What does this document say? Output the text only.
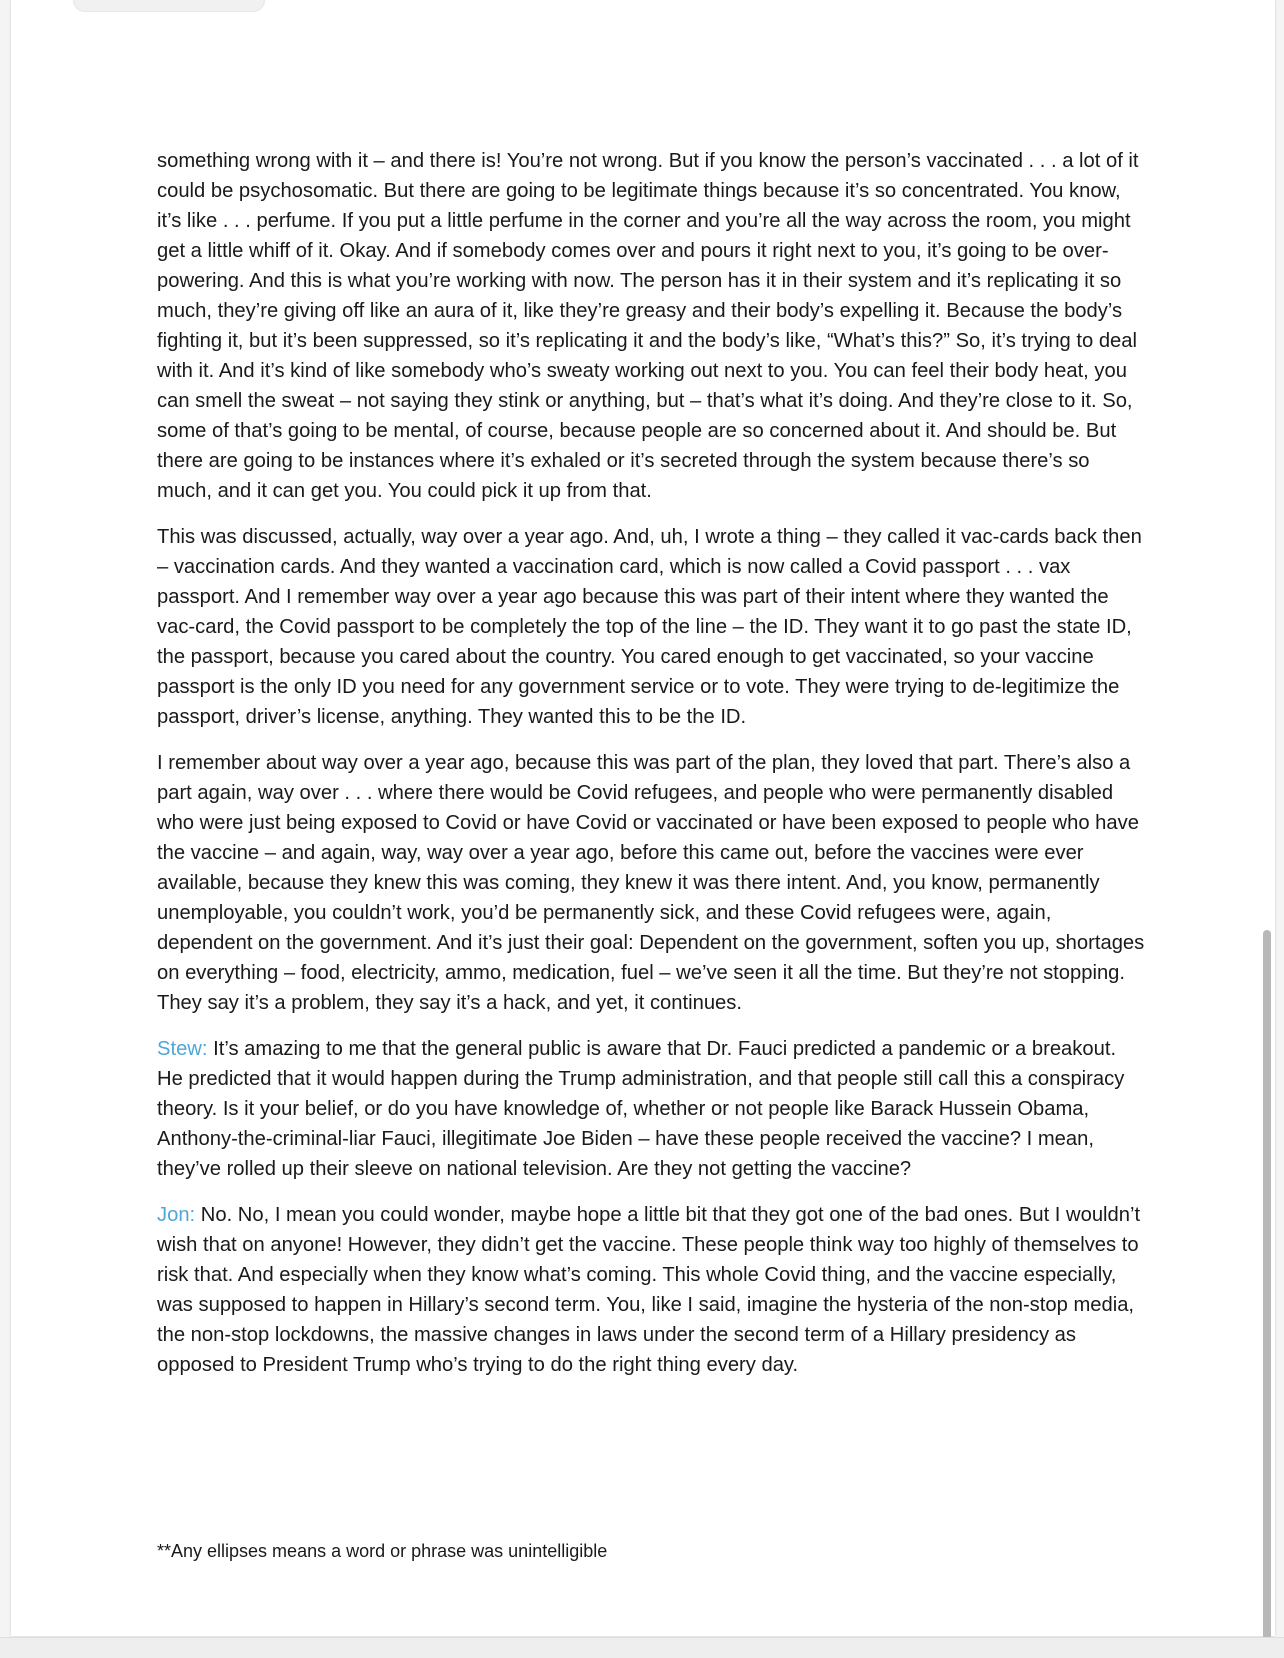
something wrong with it – and there is! You’re not wrong. But if you know the person’s vaccinated . . . a lot of it could be psychosomatic. But there are going to be legitimate things because it’s so concentrated. You know, it’s like . . . perfume. If you put a little perfume in the corner and you’re all the way across the room, you might get a little whiff of it. Okay. And if somebody comes over and pours it right next to you, it’s going to be over-powering. And this is what you’re working with now. The person has it in their system and it’s replicating it so much, they’re giving off like an aura of it, like they’re greasy and their body’s expelling it. Because the body’s fighting it, but it’s been suppressed, so it’s replicating it and the body’s like, “What’s this?” So, it’s trying to deal with it. And it’s kind of like somebody who’s sweaty working out next to you. You can feel their body heat, you can smell the sweat – not saying they stink or anything, but – that’s what it’s doing. And they’re close to it. So, some of that’s going to be mental, of course, because people are so concerned about it. And should be. But there are going to be instances where it’s exhaled or it’s secreted through the system because there’s so much, and it can get you. You could pick it up from that.

This was discussed, actually, way over a year ago. And, uh, I wrote a thing – they called it vac-cards back then – vaccination cards. And they wanted a vaccination card, which is now called a Covid passport . . . vax passport. And I remember way over a year ago because this was part of their intent where they wanted the vac-card, the Covid passport to be completely the top of the line – the ID. They want it to go past the state ID, the passport, because you cared about the country. You cared enough to get vaccinated, so your vaccine passport is the only ID you need for any government service or to vote. They were trying to de-legitimize the passport, driver’s license, anything. They wanted this to be the ID.

I remember about way over a year ago, because this was part of the plan, they loved that part. There’s also a part again, way over . . . where there would be Covid refugees, and people who were permanently disabled who were just being exposed to Covid or have Covid or vaccinated or have been exposed to people who have the vaccine – and again, way, way over a year ago, before this came out, before the vaccines were ever available, because they knew this was coming, they knew it was there intent. And, you know, permanently unemployable, you couldn’t work, you’d be permanently sick, and these Covid refugees were, again, dependent on the government. And it’s just their goal: Dependent on the government, soften you up, shortages on everything – food, electricity, ammo, medication, fuel – we’ve seen it all the time. But they’re not stopping. They say it’s a problem, they say it’s a hack, and yet, it continues.

Stew: It’s amazing to me that the general public is aware that Dr. Fauci predicted a pandemic or a breakout. He predicted that it would happen during the Trump administration, and that people still call this a conspiracy theory. Is it your belief, or do you have knowledge of, whether or not people like Barack Hussein Obama, Anthony-the-criminal-liar Fauci, illegitimate Joe Biden – have these people received the vaccine? I mean, they’ve rolled up their sleeve on national television. Are they not getting the vaccine?

Jon: No. No, I mean you could wonder, maybe hope a little bit that they got one of the bad ones. But I wouldn’t wish that on anyone! However, they didn’t get the vaccine. These people think way too highly of themselves to risk that. And especially when they know what’s coming. This whole Covid thing, and the vaccine especially, was supposed to happen in Hillary’s second term. You, like I said, imagine the hysteria of the non-stop media, the non-stop lockdowns, the massive changes in laws under the second term of a Hillary presidency as opposed to President Trump who’s trying to do the right thing every day.

**Any ellipses means a word or phrase was unintelligible
